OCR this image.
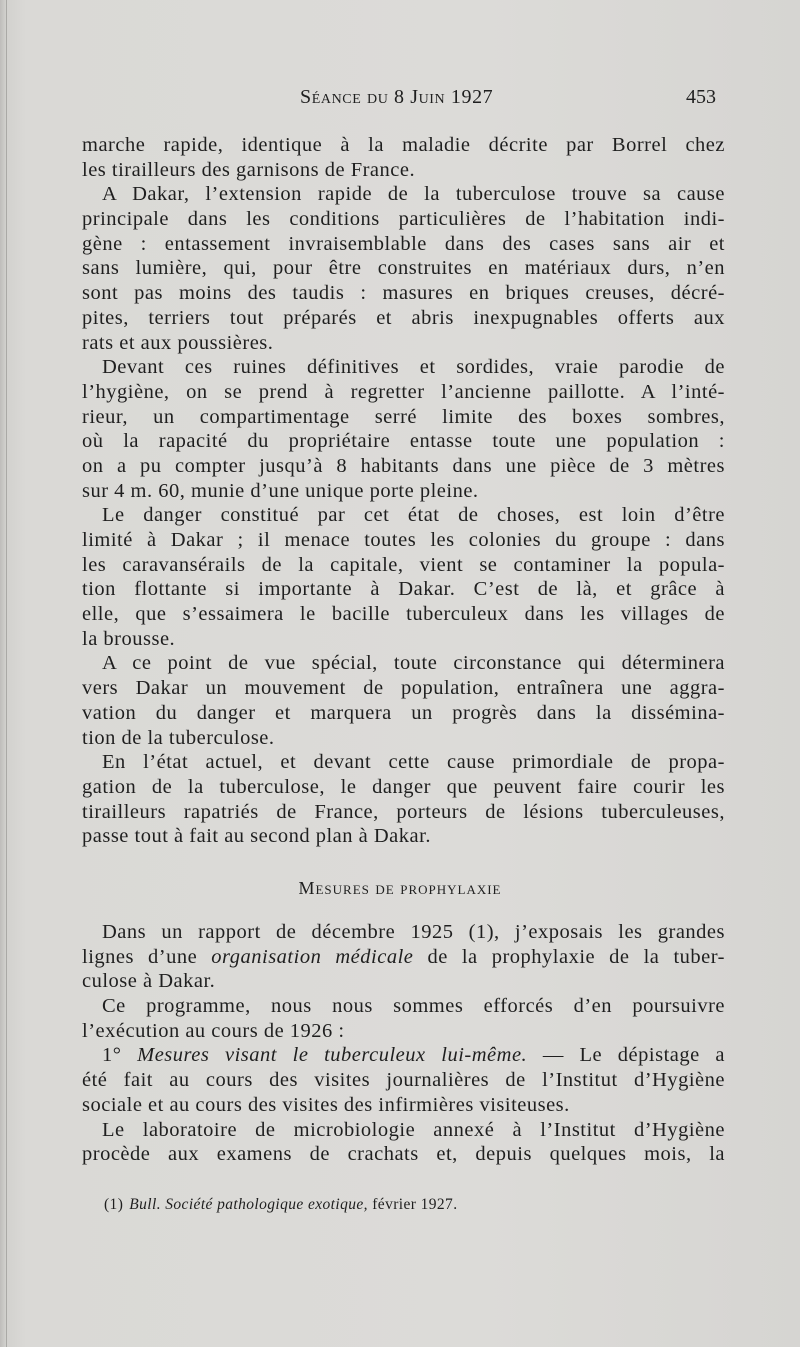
Séance du 8 Juin 1927	453
marche rapide, identique à la maladie décrite par Borrel chez
les tirailleurs des garnisons de France.
A Dakar, l’extension rapide de la tuberculose trouve sa cause
principale dans les conditions particulières de l’habitation indi-
gène : entassement invraisemblable dans des cases sans air et
sans lumière, qui, pour être construites en matériaux durs, n’en
sont pas moins des taudis : masures en briques creuses, décré-
pites, terriers tout préparés et abris inexpugnables offerts aux
rats et aux poussières.
Devant ces ruines définitives et sordides, vraie parodie de
l’hygiène, on se prend à regretter l’ancienne paillotte. A l’inté-
rieur, un compartimentage serré limite des boxes sombres,
où la rapacité du propriétaire entasse toute une population :
on a pu compter jusqu’à 8 habitants dans une pièce de 3 mètres
sur 4 m. 60, munie d’une unique porte pleine.
Le danger constitué par cet état de choses, est loin d’être
limité à Dakar ; il menace toutes les colonies du groupe : dans
les caravansérails de la capitale, vient se contaminer la popula-
tion flottante si importante à Dakar. C’est de là, et grâce à
elle, que s’essaimera le bacille tuberculeux dans les villages de
la brousse.
A ce point de vue spécial, toute circonstance qui déterminera
vers Dakar un mouvement de population, entraînera une aggra-
vation du danger et marquera un progrès dans la dissémina-
tion de la tuberculose.
En l’état actuel, et devant cette cause primordiale de propa-
gation de la tuberculose, le danger que peuvent faire courir les
tirailleurs rapatriés de France, porteurs de lésions tuberculeuses,
passe tout à fait au second plan à Dakar.
Mesures de prophylaxie
Dans un rapport de décembre 1925 (1), j’exposais les grandes
lignes d’une organisation médicale de la prophylaxie de la tuber-
culose à Dakar.
Ce programme, nous nous sommes efforcés d’en poursuivre
l’exécution au cours de 1926 :
1° Mesures visant le tuberculeux lui-même. — Le dépistage a
été fait au cours des visites journalières de l’Institut d’Hygiène
sociale et au cours des visites des infirmières visiteuses.
Le laboratoire de microbiologie annexé à l’Institut d’Hygiène
procède aux examens de crachats et, depuis quelques mois, la
(1) Bull. Société pathologique exotique, février 1927.
